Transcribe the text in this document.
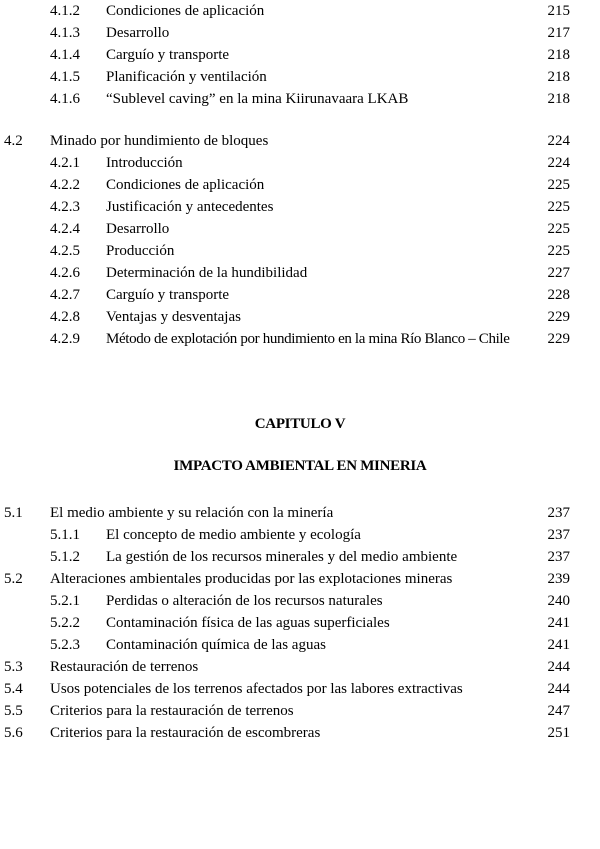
4.1.2 Condiciones de aplicación	215
4.1.3 Desarrollo	217
4.1.4 Carguío y transporte	218
4.1.5 Planificación y ventilación	218
4.1.6 “Sublevel caving” en la mina Kiirunavaara LKAB	218
4.2 Minado por hundimiento de bloques	224
4.2.1 Introducción	224
4.2.2 Condiciones de aplicación	225
4.2.3 Justificación y antecedentes	225
4.2.4 Desarrollo	225
4.2.5 Producción	225
4.2.6 Determinación de la hundibilidad	227
4.2.7 Carguío y transporte	228
4.2.8 Ventajas y desventajas	229
4.2.9 Método de explotación por hundimiento en la mina Río Blanco – Chile	229
CAPITULO V
IMPACTO AMBIENTAL EN MINERIA
5.1 El medio ambiente y su relación con la minería	237
5.1.1 El concepto de medio ambiente y ecología	237
5.1.2 La gestión de los recursos minerales y del medio ambiente	237
5.2 Alteraciones ambientales producidas por las explotaciones mineras	239
5.2.1 Perdidas o alteración de los recursos naturales	240
5.2.2 Contaminación física de las aguas superficiales	241
5.2.3 Contaminación química de las aguas	241
5.3 Restauración de terrenos	244
5.4 Usos potenciales de los terrenos afectados por las labores extractivas	244
5.5 Criterios para la restauración de terrenos	247
5.6 Criterios para la restauración de escombreras	251
